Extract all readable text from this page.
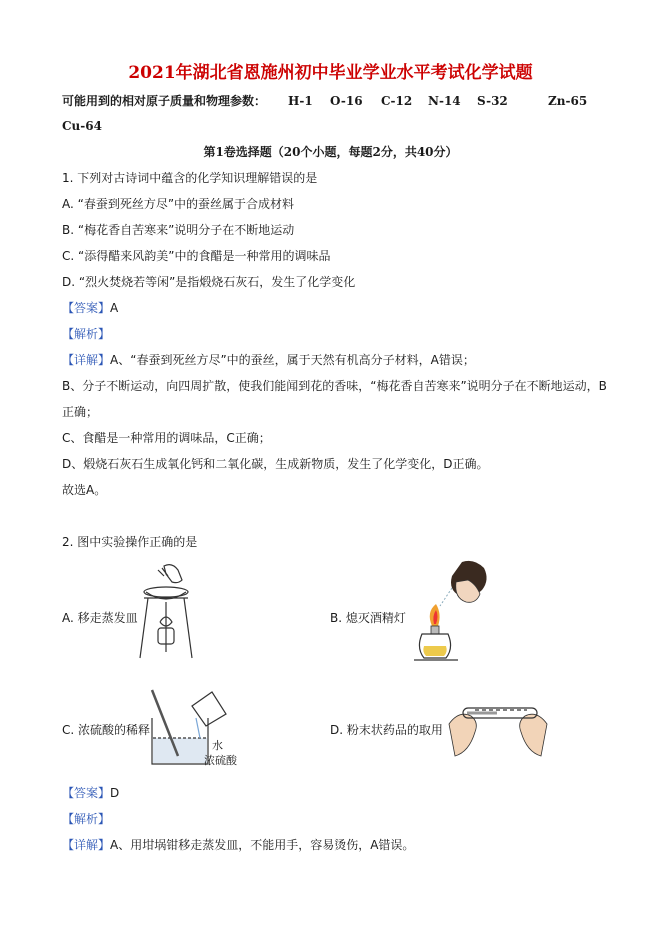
2021年湖北省恩施州初中毕业学业水平考试化学试题
可能用到的相对原子质量和物理参数： H-1 O-16 C-12 N-14 S-32	Zn-65
Cu-64
第1卷选择题（20个小题，每题2分，共40分）
1. 下列对古诗词中蕴含的化学知识理解错误的是
A. “春蚕到死丝方尽”中的蚕丝属于合成材料
B. “梅花香自苦寒来”说明分子在不断地运动
C. “添得醋来风韵美”中的食醋是一种常用的调味品
D. “烈火焚烧若等闲”是指煅烧石灰石，发生了化学变化
【答案】A
【解析】
【详解】A、“春蚕到死丝方尽”中的蚕丝，属于天然有机高分子材料，A错误；
B、分子不断运动，向四周扩散，使我们能闻到花的香味，“梅花香自苦寒来”说明分子在不断地运动，B
正确；
C、食醋是一种常用的调味品，C正确；
D、煅烧石灰石生成氧化钙和二氧化碳，生成新物质，发生了化学变化，D正确。
故选A。
2. 图中实验操作正确的是
A. 移走蒸发皿	B. 熄灭酒精灯
水
浓硫酸
C. 浓硫酸的稀释	D. 粉末状药品的取用
【答案】D
【解析】
【详解】A、用坩埚钳移走蒸发皿，不能用手，容易烫伤，A错误。
